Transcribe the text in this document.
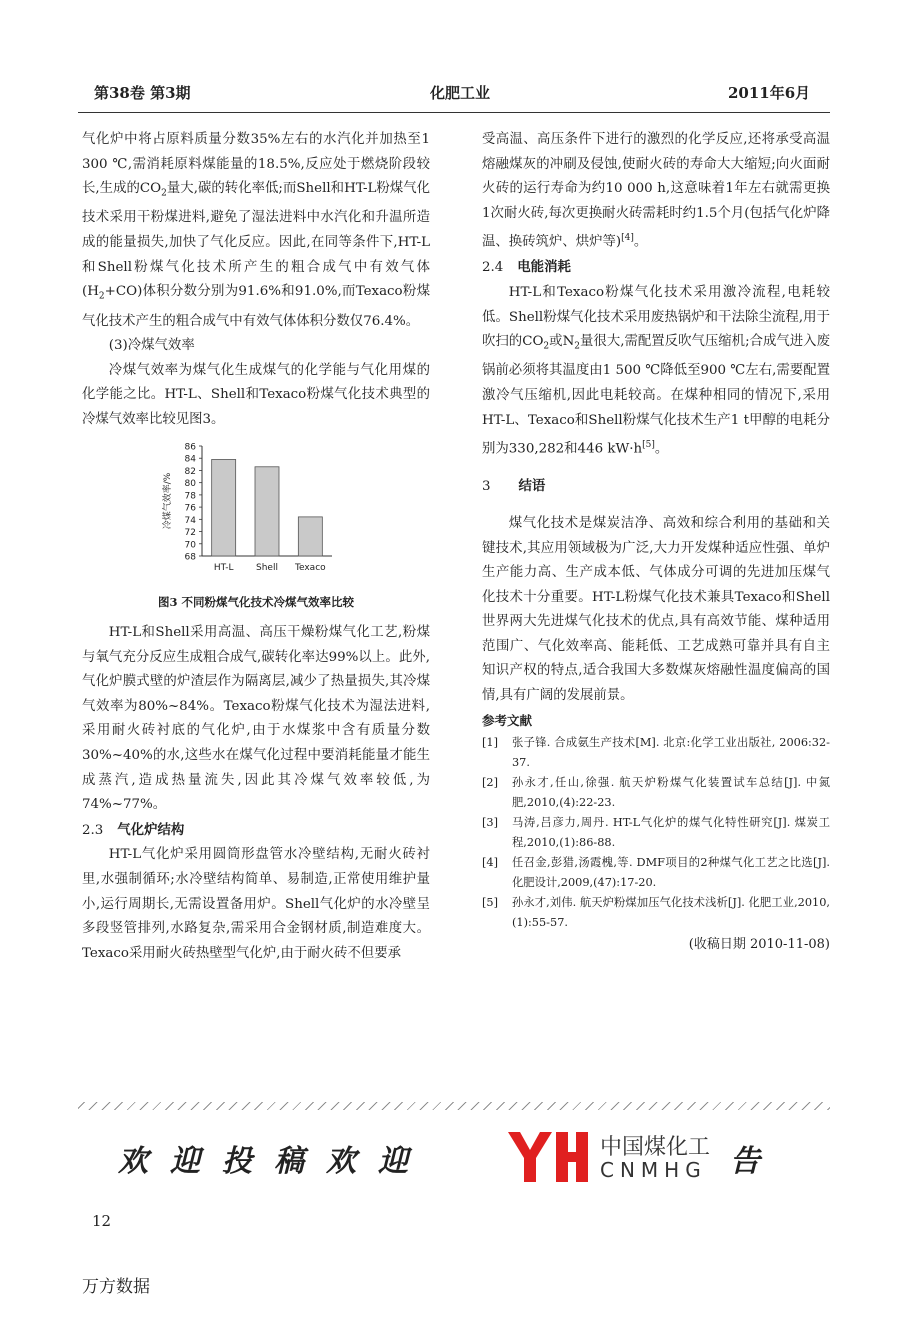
第38卷 第3期	化肥工业	2011年6月

气化炉中将占原料质量分数35%左右的水汽化并加热至1 300 ℃,需消耗原料煤能量的18.5%,反应处于燃烧阶段较长,生成的$CO_2$量大,碳的转化率低;而Shell和HT-L粉煤气化技术采用干粉煤进料,避免了湿法进料中水汽化和升温所造成的能量损失,加快了气化反应。因此,在同等条件下,HT-L和Shell粉煤气化技术所产生的粗合成气中有效气体$(H_2+CO)$体积分数分别为91.6%和91.0%,而Texaco粉煤气化技术产生的粗合成气中有效气体体积分数仅76.4%。

(3)冷煤气效率

冷煤气效率为煤气化生成煤气的化学能与气化用煤的化学能之比。HT-L、Shell和Texaco粉煤气化技术典型的冷煤气效率比较见图3。

68
70
72
74
76
78
80
82
84
86
冷煤气效率/%
HT-L Shell Texaco

图3 不同粉煤气化技术冷煤气效率比较

HT-L和Shell采用高温、高压干燥粉煤气化工艺,粉煤与氧气充分反应生成粗合成气,碳转化率达99%以上。此外,气化炉膜式壁的炉渣层作为隔离层,减少了热量损失,其冷煤气效率为80%~84%。Texaco粉煤气化技术为湿法进料,采用耐火砖衬底的气化炉,由于水煤浆中含有质量分数30%~40%的水,这些水在煤气化过程中要消耗能量才能生成蒸汽,造成热量流失,因此其冷煤气效率较低,为74%~77%。

2.3 气化炉结构

HT-L气化炉采用圆筒形盘管水冷壁结构,无耐火砖衬里,水强制循环;水冷壁结构简单、易制造,正常使用维护量小,运行周期长,无需设置备用炉。Shell气化炉的水冷壁呈多段竖管排列,水路复杂,需采用合金钢材质,制造难度大。Texaco采用耐火砖热壁型气化炉,由于耐火砖不但要承

受高温、高压条件下进行的激烈的化学反应,还将承受高温熔融煤灰的冲刷及侵蚀,使耐火砖的寿命大大缩短;向火面耐火砖的运行寿命为约10 000 h,这意味着1年左右就需更换1次耐火砖,每次更换耐火砖需耗时约1.5个月(包括气化炉降温、换砖筑炉、烘炉等)[4]。

2.4 电能消耗

HT-L和Texaco粉煤气化技术采用激冷流程,电耗较低。Shell粉煤气化技术采用废热锅炉和干法除尘流程,用于吹扫的$CO_2$或$N_2$量很大,需配置反吹气压缩机;合成气进入废锅前必须将其温度由1 500 ℃降低至900 ℃左右,需要配置激冷气压缩机,因此电耗较高。在煤种相同的情况下,采用HT-L、Texaco和Shell粉煤气化技术生产1 t甲醇的电耗分别为330,282和446 kW·h[5]。

3 结语

煤气化技术是煤炭洁净、高效和综合利用的基础和关键技术,其应用领域极为广泛,大力开发煤种适应性强、单炉生产能力高、生产成本低、气体成分可调的先进加压煤气化技术十分重要。HT-L粉煤气化技术兼具Texaco和Shell世界两大先进煤气化技术的优点,具有高效节能、煤种适用范围广、气化效率高、能耗低、工艺成熟可靠并具有自主知识产权的特点,适合我国大多数煤灰熔融性温度偏高的国情,具有广阔的发展前景。

参考文献

[1]	张子锋. 合成氨生产技术[M]. 北京:化学工业出版社, 2006:32-37.
[2]	孙永才,任山,徐强. 航天炉粉煤气化装置试车总结[J]. 中氮肥,2010,(4):22-23.
[3]	马涛,吕彦力,周丹. HT-L气化炉的煤气化特性研究[J]. 煤炭工程,2010,(1):86-88.
[4]	任召金,彭猎,汤霞槐,等. DMF项目的2种煤气化工艺之比选[J]. 化肥设计,2009,(47):17-20.
[5]	孙永才,刘伟. 航天炉粉煤加压气化技术浅析[J]. 化肥工业,2010,(1):55-57.

(收稿日期 2010-11-08)

欢迎投稿欢迎	告
中国煤化工
CNMHG
12
万方数据
